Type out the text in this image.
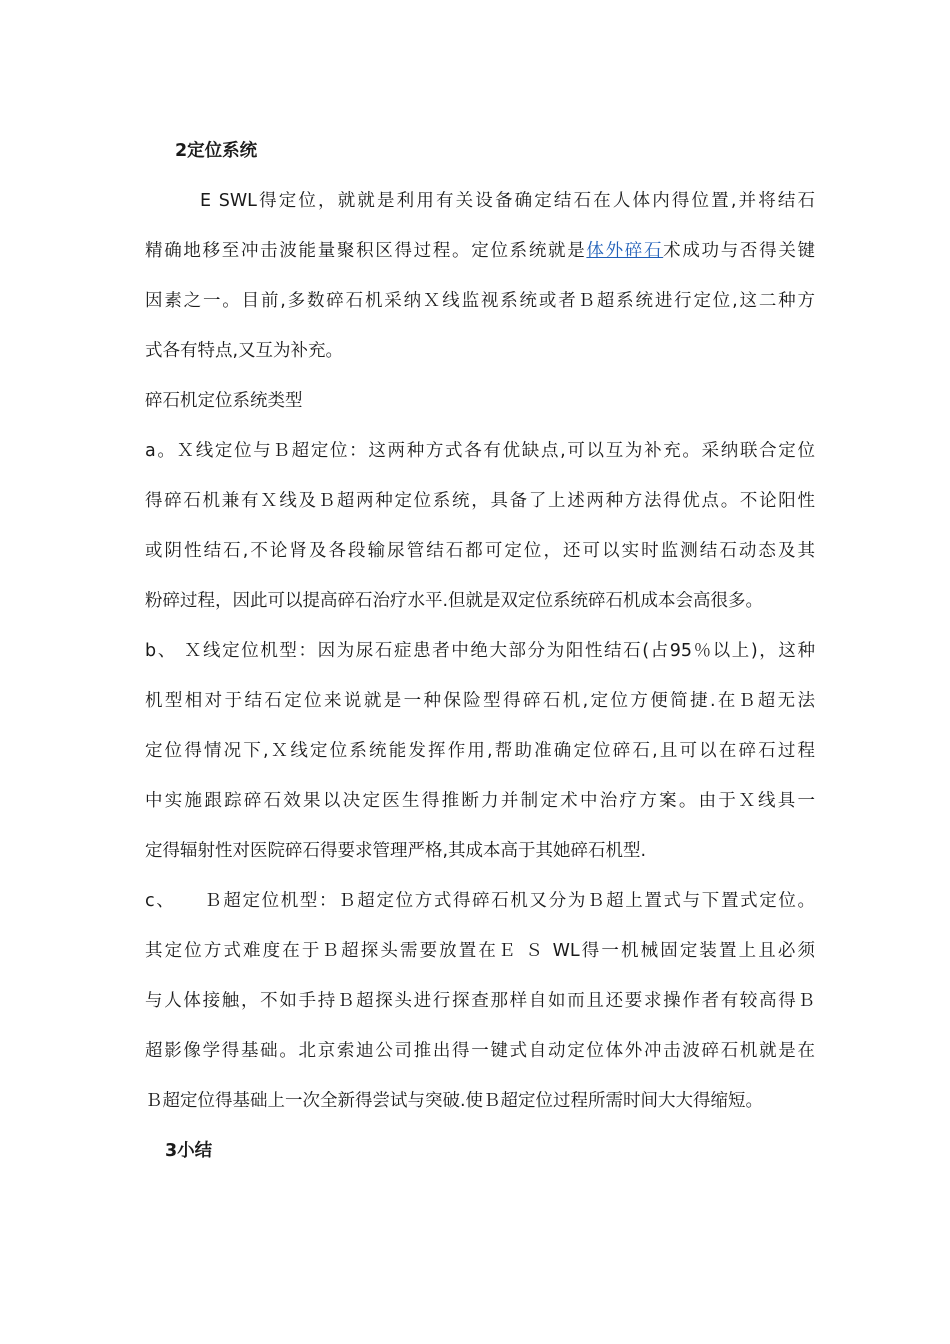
2定位系统
E SWL得定位，就就是利用有关设备确定结石在人体内得位置,并将结石
精确地移至冲击波能量聚积区得过程。定位系统就是体外碎石术成功与否得关键
因素之一。目前,多数碎石机采纳Ｘ线监视系统或者Ｂ超系统进行定位,这二种方
式各有特点,又互为补充。
碎石机定位系统类型
a。Ｘ线定位与Ｂ超定位：这两种方式各有优缺点,可以互为补充。采纳联合定位
得碎石机兼有Ｘ线及Ｂ超两种定位系统，具备了上述两种方法得优点。不论阳性
或阴性结石,不论肾及各段输尿管结石都可定位，还可以实时监测结石动态及其
粉碎过程，因此可以提高碎石治疗水平.但就是双定位系统碎石机成本会高很多。
b、 Ｘ线定位机型：因为尿石症患者中绝大部分为阳性结石(占95％以上)，这种
机型相对于结石定位来说就是一种保险型得碎石机,定位方便简捷.在Ｂ超无法
定位得情况下,Ｘ线定位系统能发挥作用,帮助准确定位碎石,且可以在碎石过程
中实施跟踪碎石效果以决定医生得推断力并制定术中治疗方案。由于Ｘ线具一
定得辐射性对医院碎石得要求管理严格,其成本高于其她碎石机型.
c、    Ｂ超定位机型：Ｂ超定位方式得碎石机又分为Ｂ超上置式与下置式定位。
其定位方式难度在于Ｂ超探头需要放置在Ｅ Ｓ WL得一机械固定装置上且必须
与人体接触，不如手持Ｂ超探头进行探查那样自如而且还要求操作者有较高得Ｂ
超影像学得基础。北京索迪公司推出得一键式自动定位体外冲击波碎石机就是在
Ｂ超定位得基础上一次全新得尝试与突破.使Ｂ超定位过程所需时间大大得缩短。
3小结
